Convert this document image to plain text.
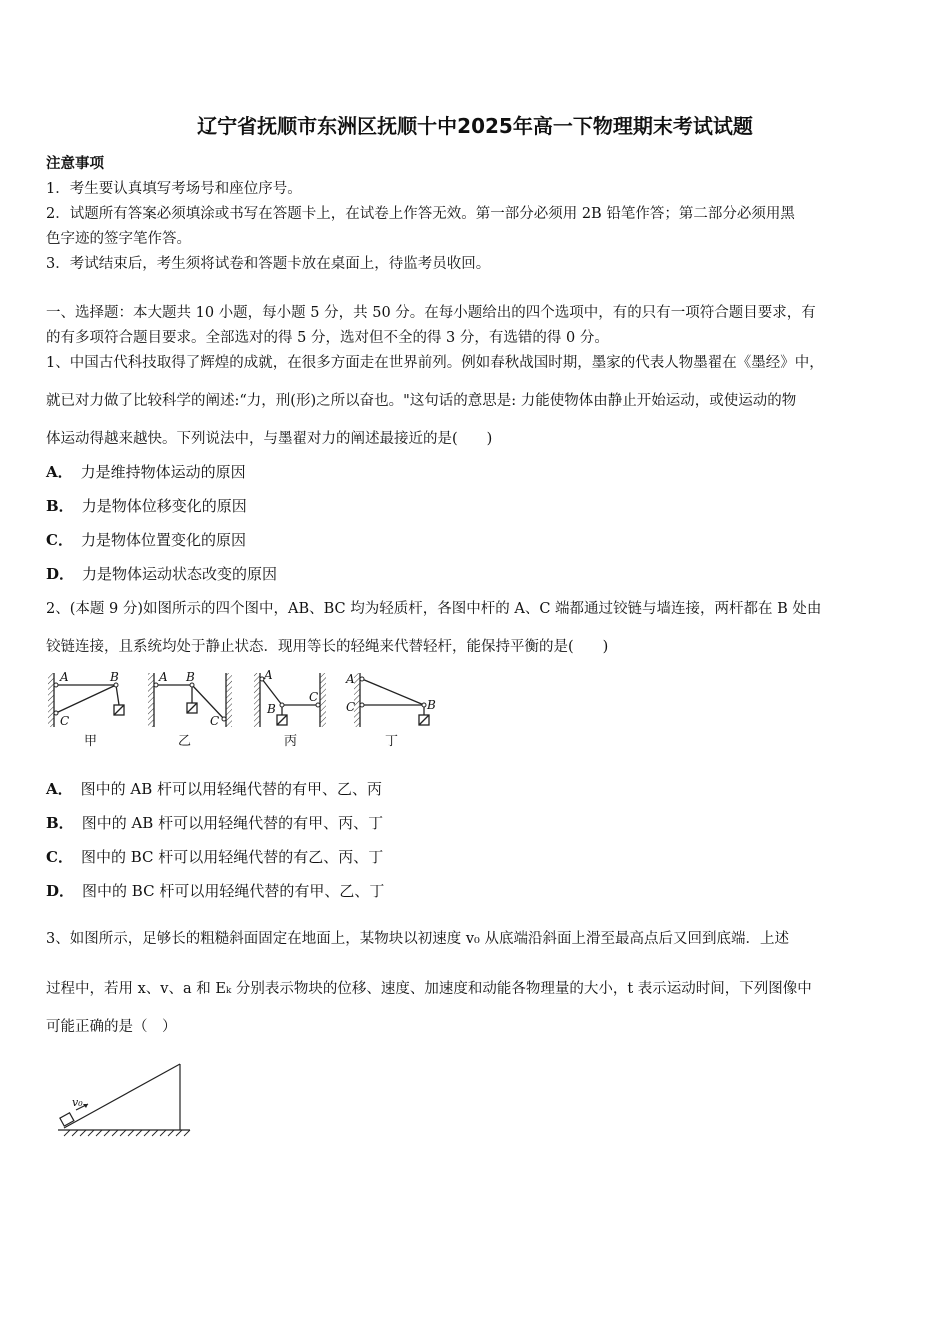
辽宁省抚顺市东洲区抚顺十中2025年高一下物理期末考试试题
注意事项
1．考生要认真填写考场号和座位序号。
2．试题所有答案必须填涂或书写在答题卡上，在试卷上作答无效。第一部分必须用 2B 铅笔作答；第二部分必须用黑
色字迹的签字笔作答。
3．考试结束后，考生须将试卷和答题卡放在桌面上，待监考员收回。
一、选择题：本大题共 10 小题，每小题 5 分，共 50 分。在每小题给出的四个选项中，有的只有一项符合题目要求，有
的有多项符合题目要求。全部选对的得 5 分，选对但不全的得 3 分，有选错的得 0 分。
1、中国古代科技取得了辉煌的成就，在很多方面走在世界前列。例如春秋战国时期，墨家的代表人物墨翟在《墨经》中，
就已对力做了比较科学的阐述:“力，刑(形)之所以奋也。"这句话的意思是: 力能使物体由静止开始运动，或使运动的物
体运动得越来越快。下列说法中，与墨翟对力的阐述最接近的是(　　)
A． 力是维持物体运动的原因
B． 力是物体位移变化的原因
C． 力是物体位置变化的原因
D． 力是物体运动状态改变的原因
2、(本题 9 分)如图所示的四个图中，AB、BC 均为轻质杆，各图中杆的 A、C 端都通过铰链与墙连接，两杆都在 B 处由
铰链连接，且系统均处于静止状态．现用等长的轻绳来代替轻杆，能保持平衡的是(　　)
A	B
C
A B
C
A
B
C
A
C	B
甲	乙	丙	丁
A． 图中的 AB 杆可以用轻绳代替的有甲、乙、丙
B． 图中的 AB 杆可以用轻绳代替的有甲、丙、丁
C． 图中的 BC 杆可以用轻绳代替的有乙、丙、丁
D． 图中的 BC 杆可以用轻绳代替的有甲、乙、丁
3、如图所示，足够长的粗糙斜面固定在地面上，某物块以初速度 v₀ 从底端沿斜面上滑至最高点后又回到底端．上述
过程中，若用 x、v、a 和 Eₖ 分别表示物块的位移、速度、加速度和动能各物理量的大小，t 表示运动时间，下列图像中
可能正确的是（　）
v₀
